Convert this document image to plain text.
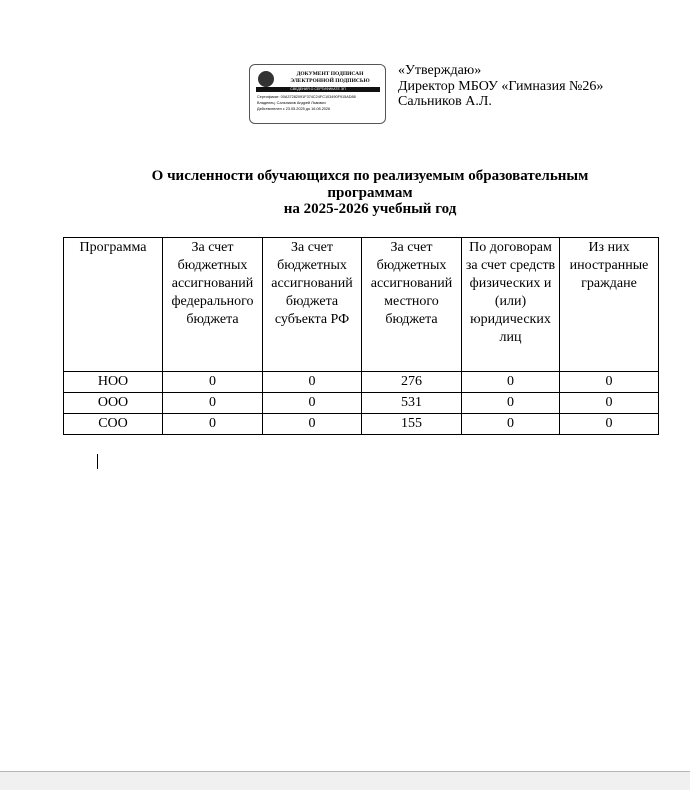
ДОКУМЕНТ ПОДПИСАН
ЭЛЕКТРОННОЙ ПОДПИСЬЮ
СВЕДЕНИЯ О СЕРТИФИКАТЕ ЭП
Сертификат: 00A37282091F374C24FC103490F915AD88
Владелец: Сальников Андрей Львович
Действителен с 23.05.2025 до 16.08.2026
«Утверждаю»
Директор МБОУ «Гимназия №26»
Сальников А.Л.
О численности обучающихся по реализуемым образовательным программам
на 2025-2026 учебный год
Программа	За счет бюджетных ассигнований федерального бюджета	За счет бюджетных ассигнований бюджета субъекта РФ	За счет бюджетных ассигнований местного бюджета	По договорам за счет средств физических и (или) юридических лиц	Из них иностранные граждане
НОО	0	0	276	0	0
ООО	0	0	531	0	0
СОО	0	0	155	0	0
